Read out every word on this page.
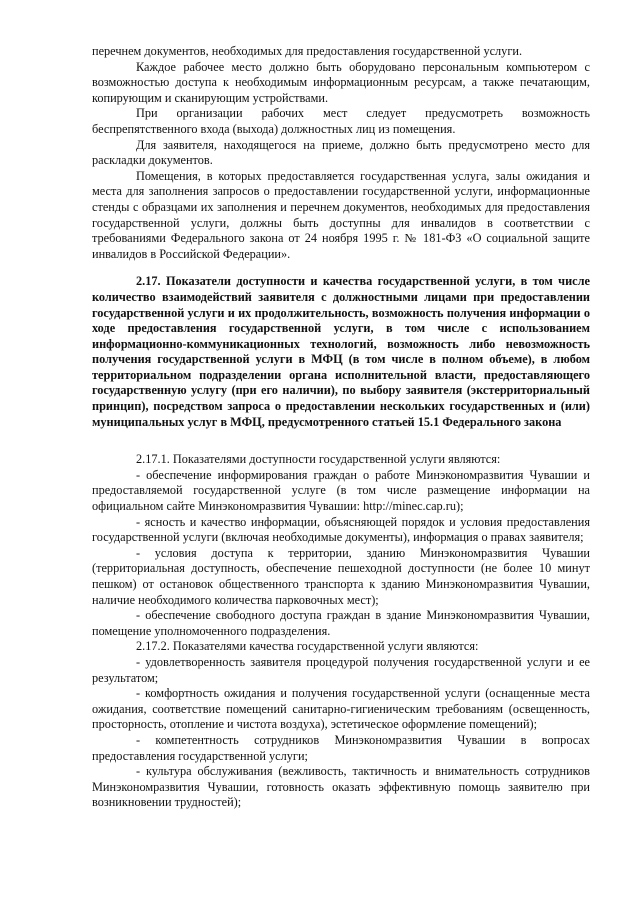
перечнем документов, необходимых для предоставления государственной услуги.

Каждое рабочее место должно быть оборудовано персональным компьютером с возможностью доступа к необходимым информационным ресурсам, а также печатающим, копирующим и сканирующим устройствами.

При организации рабочих мест следует предусмотреть возможность беспрепятственного входа (выхода) должностных лиц из помещения.

Для заявителя, находящегося на приеме, должно быть предусмотрено место для раскладки документов.

Помещения, в которых предоставляется государственная услуга, залы ожидания и места для заполнения запросов о предоставлении государственной услуги, информационные стенды с образцами их заполнения и перечнем документов, необходимых для предоставления государственной услуги, должны быть доступны для инвалидов в соответствии с требованиями Федерального закона от 24 ноября 1995 г. № 181-ФЗ «О социальной защите инвалидов в Российской Федерации».

2.17. Показатели доступности и качества государственной услуги, в том числе количество взаимодействий заявителя с должностными лицами при предоставлении государственной услуги и их продолжительность, возможность получения информации о ходе предоставления государственной услуги, в том числе с использованием информационно-коммуникационных технологий, возможность либо невозможность получения государственной услуги в МФЦ (в том числе в полном объеме), в любом территориальном подразделении органа исполнительной власти, предоставляющего государственную услугу (при его наличии), по выбору заявителя (экстерриториальный принцип), посредством запроса о предоставлении нескольких государственных и (или) муниципальных услуг в МФЦ, предусмотренного статьей 15.1 Федерального закона

2.17.1. Показателями доступности государственной услуги являются:

- обеспечение информирования граждан о работе Минэкономразвития Чувашии и предоставляемой государственной услуге (в том числе размещение информации на официальном сайте Минэкономразвития Чувашии: http://minec.cap.ru);

- ясность и качество информации, объясняющей порядок и условия предоставления государственной услуги (включая необходимые документы), информация о правах заявителя;

- условия доступа к территории, зданию Минэкономразвития Чувашии (территориальная доступность, обеспечение пешеходной доступности (не более 10 минут пешком) от остановок общественного транспорта к зданию Минэкономразвития Чувашии, наличие необходимого количества парковочных мест);

- обеспечение свободного доступа граждан в здание Минэкономразвития Чувашии, помещение уполномоченного подразделения.

2.17.2. Показателями качества государственной услуги являются:

- удовлетворенность заявителя процедурой получения государственной услуги и ее результатом;

- комфортность ожидания и получения государственной услуги (оснащенные места ожидания, соответствие помещений санитарно-гигиеническим требованиям (освещенность, просторность, отопление и чистота воздуха), эстетическое оформление помещений);

- компетентность сотрудников Минэкономразвития Чувашии в вопросах предоставления государственной услуги;

- культура обслуживания (вежливость, тактичность и внимательность сотрудников Минэкономразвития Чувашии, готовность оказать эффективную помощь заявителю при возникновении трудностей);
